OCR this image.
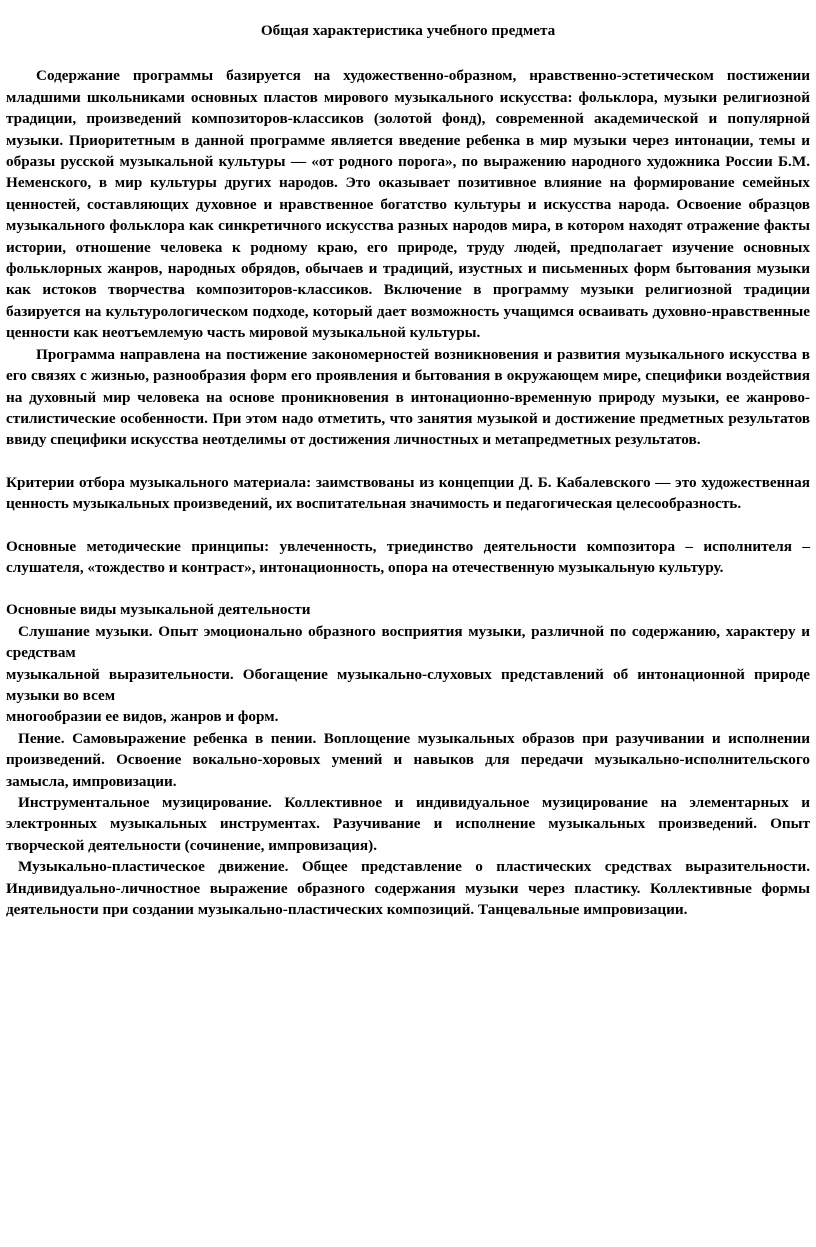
Общая характеристика учебного предмета

Содержание программы базируется на художественно-образном, нравственно-эстетическом постижении младшими школьниками основных пластов мирового музыкального искусства: фольклора, музыки религиозной традиции, произведений композиторов-классиков (золотой фонд), современной академической и популярной музыки. Приоритетным в данной программе является введение ребенка в мир музыки через интонации, темы и образы русской музыкальной культуры — «от родного порога», по выражению народного художника России Б.М. Неменского, в мир культуры других народов. Это оказывает позитивное влияние на формирование семейных ценностей, составляющих духовное и нравственное богатство культуры и искусства народа. Освоение образцов музыкального фольклора как синкретичного искусства разных народов мира, в котором находят отражение факты истории, отношение человека к родному краю, его природе, труду людей, предполагает изучение основных фольклорных жанров, народных обрядов, обычаев и традиций, изустных и письменных форм бытования музыки как истоков творчества композиторов-классиков. Включение в программу музыки религиозной традиции базируется на культурологическом подходе, который дает возможность учащимся осваивать духовно-нравственные ценности как неотъемлемую часть мировой музыкальной культуры.

Программа направлена на постижение закономерностей возникновения и развития музыкального искусства в его связях с жизнью, разнообразия форм его проявления и бытования в окружающем мире, специфики воздействия на духовный мир человека на основе проникновения в интонационно-временную природу музыки, ее жанрово-стилистические особенности. При этом надо отметить, что занятия музыкой и достижение предметных результатов ввиду специфики искусства неотделимы от достижения личностных и метапредметных результатов.

Критерии отбора музыкального материала: заимствованы из концепции Д. Б. Кабалевского — это художественная ценность музыкальных произведений, их воспитательная значимость и педагогическая целесообразность.

Основные методические принципы: увлеченность, триединство деятельности композитора – исполнителя – слушателя, «тождество и контраст», интонационность, опора на отечественную музыкальную культуру.

Основные виды музыкальной деятельности

Слушание музыки. Опыт эмоционально образного восприятия музыки, различной по содержанию, характеру и средствам

музыкальной выразительности. Обогащение музыкально-слуховых представлений об интонационной природе музыки во всем

многообразии ее видов, жанров и форм.

Пение. Самовыражение ребенка в пении. Воплощение музыкальных образов при разучивании и исполнении произведений. Освоение вокально-хоровых умений и навыков для передачи музыкально-исполнительского замысла, импровизации.

Инструментальное музицирование. Коллективное и индивидуальное музицирование на элементарных и электронных музыкальных инструментах. Разучивание и исполнение музыкальных произведений. Опыт творческой деятельности (сочинение, импровизация).

Музыкально-пластическое движение. Общее представление о пластических средствах выразительности. Индивидуально-личностное выражение образного содержания музыки через пластику. Коллективные формы деятельности при создании музыкально-пластических композиций. Танцевальные импровизации.
